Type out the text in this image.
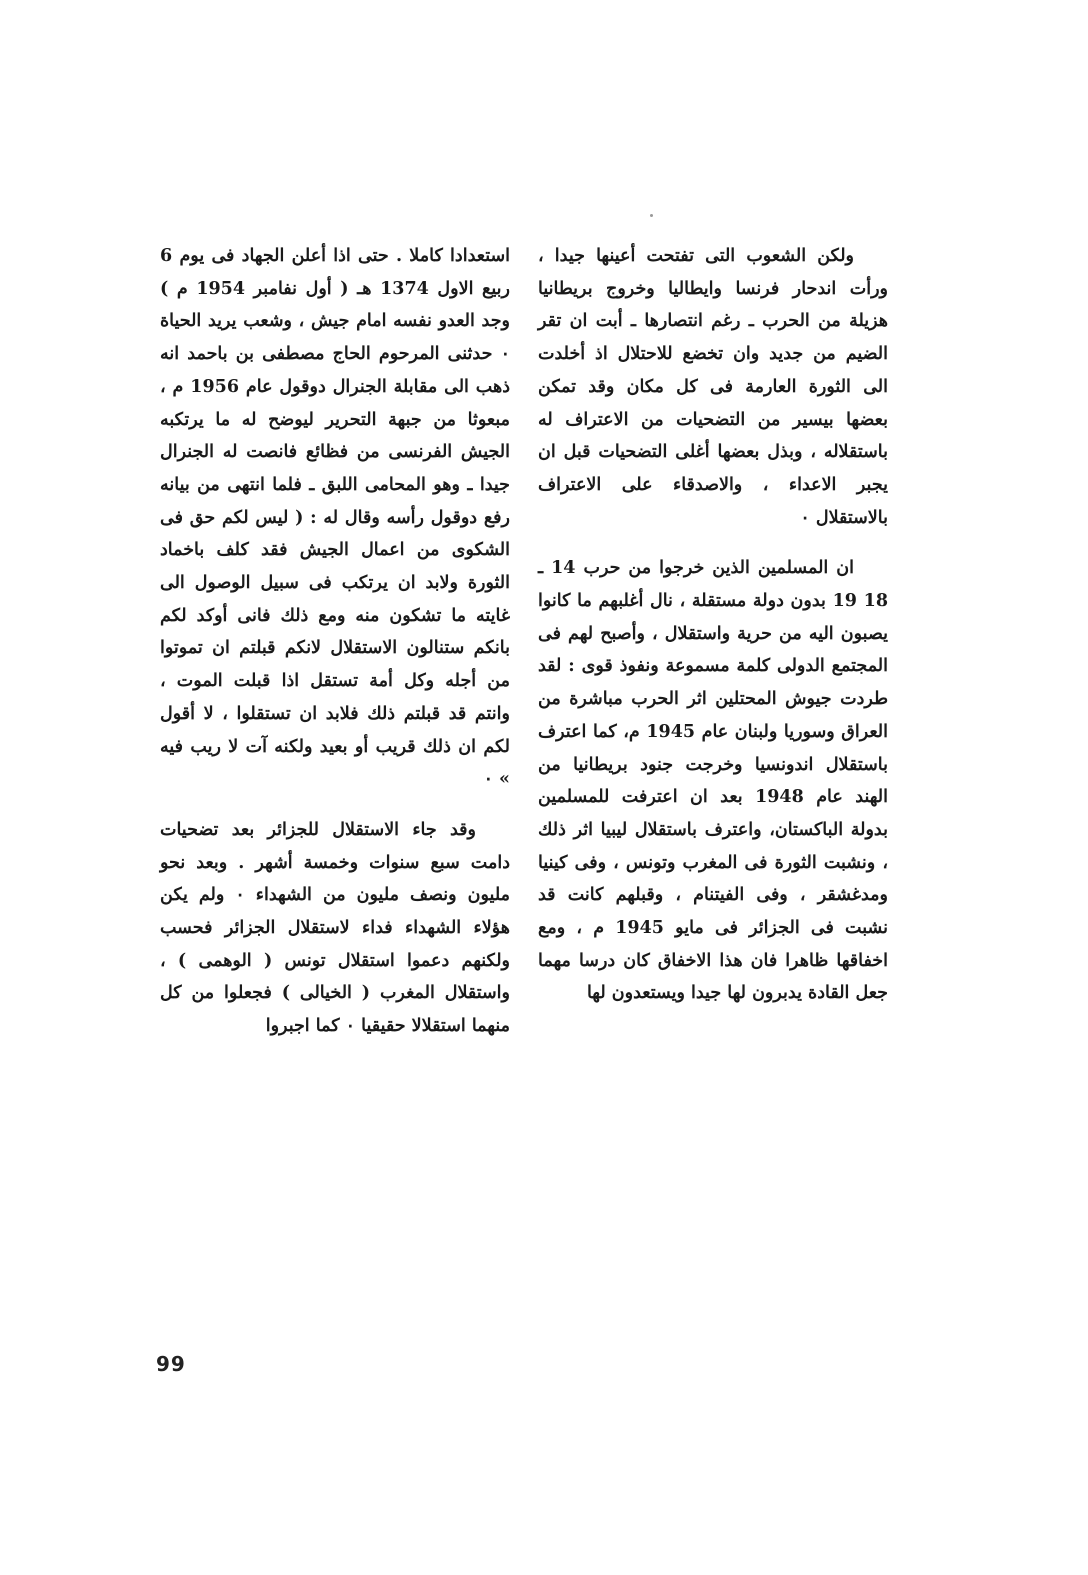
ولكن الشعوب التى تفتحت أعينها جيدا ، ورأت اندحار فرنسا وايطاليا وخروج بريطانيا هزيلة من الحرب ـ رغم انتصارها ـ أبت ان تقر الضيم من جديد وان تخضع للاحتلال اذ أخلدت الى الثورة العارمة فى كل مكان وقد تمكن بعضها بيسير من التضحيات من الاعتراف له باستقلاله ، وبذل بعضها أغلى التضحيات قبل ان يجبر الاعداء ، والاصدقاء على الاعتراف بالاستقلال ٠

ان المسلمين الذين خرجوا من حرب 14 ـ 18 19 بدون دولة مستقلة ، نال أغلبهم ما كانوا يصبون اليه من حرية واستقلال ، وأصبح لهم فى المجتمع الدولى كلمة مسموعة ونفوذ قوى : لقد طردت جيوش المحتلين اثر الحرب مباشرة من العراق وسوريا ولبنان عام 1945 م، كما اعترف باستقلال اندونسيا وخرجت جنود بريطانيا من الهند عام 1948 بعد ان اعترفت للمسلمين بدولة الباكستان، واعترف باستقلال ليبيا اثر ذلك ، ونشبت الثورة فى المغرب وتونس ، وفى كينيا ومدغشقر ، وفى الفيتنام ، وقبلهم كانت قد نشبت فى الجزائر فى مايو 1945 م ، ومع اخفاقها ظاهرا فان هذا الاخفاق كان درسا مهما جعل القادة يدبرون لها جيدا ويستعدون لها

استعدادا كاملا . حتى اذا أعلن الجهاد فى يوم 6 ربيع الاول 1374 هـ ( أول نفامبر 1954 م ) وجد العدو نفسه امام جيش ، وشعب يريد الحياة ٠ حدثنى المرحوم الحاج مصطفى بن باحمد انه ذهب الى مقابلة الجنرال دوقول عام 1956 م ، مبعوثا من جبهة التحرير ليوضح له ما يرتكبه الجيش الفرنسى من فظائع فانصت له الجنرال جيدا ـ وهو المحامى اللبق ـ فلما انتهى من بيانه رفع دوقول رأسه وقال له : ( ليس لكم حق فى الشكوى من اعمال الجيش فقد كلف باخماد الثورة ولابد ان يرتكب فى سبيل الوصول الى غايته ما تشكون منه ومع ذلك فانى أوكد لكم بانكم ستنالون الاستقلال لانكم قبلتم ان تموتوا من أجله وكل أمة تستقل اذا قبلت الموت ، وانتم قد قبلتم ذلك فلابد ان تستقلوا ، لا أقول لكم ان ذلك قريب أو بعيد ولكنه آت لا ريب فيه » ٠

وقد جاء الاستقلال للجزائر بعد تضحيات دامت سبع سنوات وخمسة أشهر . وبعد نحو مليون ونصف مليون من الشهداء ٠ ولم يكن هؤلاء الشهداء فداء لاستقلال الجزائر فحسب ولكنهم دعموا استقلال تونس ( الوهمى ) ، واستقلال المغرب ( الخيالى ) فجعلوا من كل منهما استقلالا حقيقيا ٠ كما اجبروا

99
